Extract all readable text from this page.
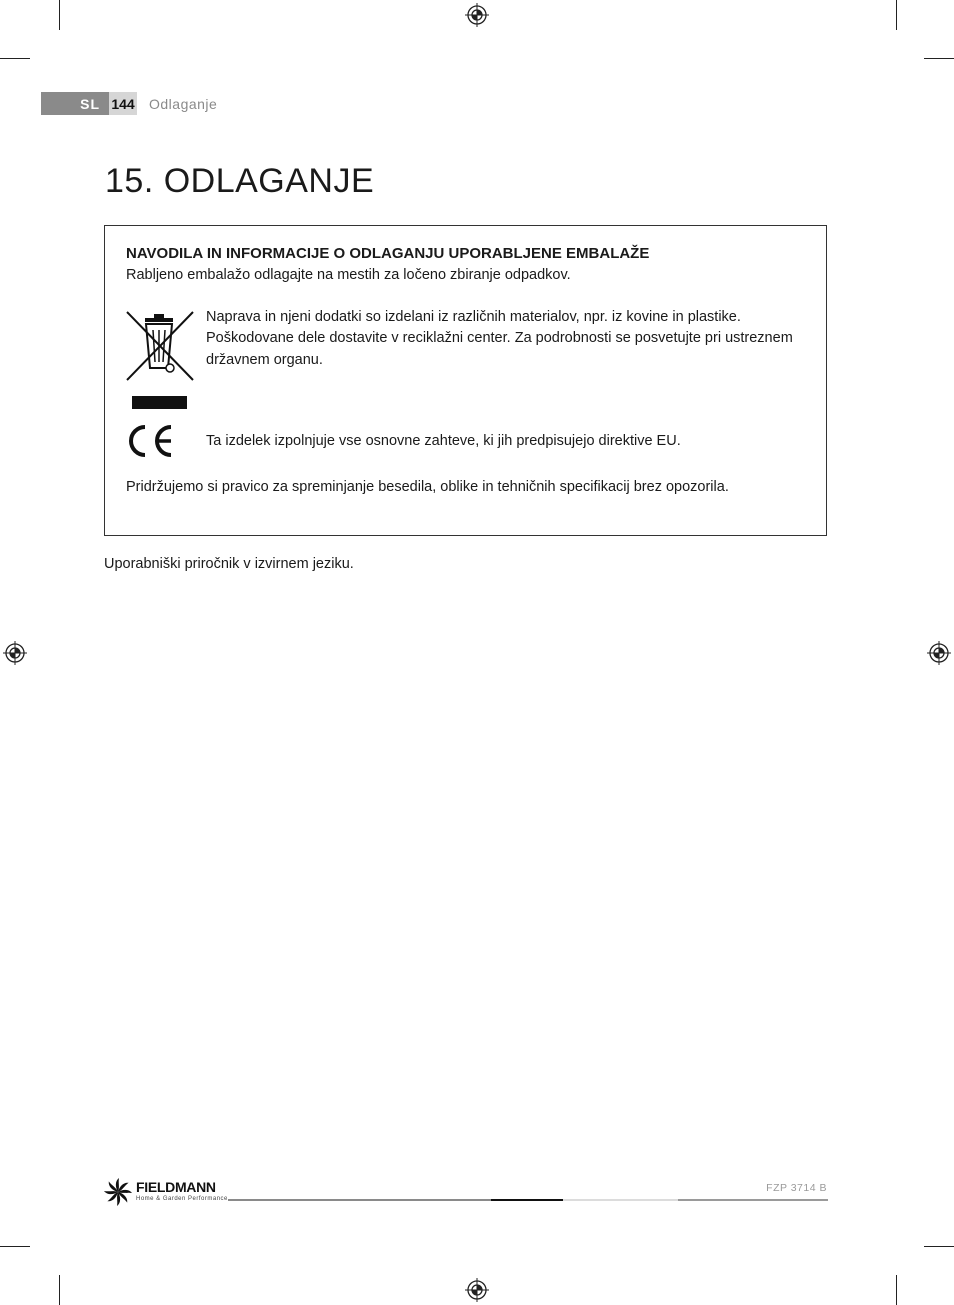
SL 144	Odlaganje
15. ODLAGANJE
NAVODILA IN INFORMACIJE O ODLAGANJU UPORABLJENE EMBALAŽE
Rabljeno embalažo odlagajte na mestih za ločeno zbiranje odpadkov.
Naprava in njeni dodatki so izdelani iz različnih materialov, npr. iz kovine in plastike.
Poškodovane dele dostavite v reciklažni center. Za podrobnosti se posvetujte pri ustreznem
državnem organu.
Ta izdelek izpolnjuje vse osnovne zahteve, ki jih predpisujejo direktive EU.
Pridržujemo si pravico za spreminjanje besedila, oblike in tehničnih specifikacij brez opozorila.
Uporabniški priročnik v izvirnem jeziku.
FIELDMANN
Home & Garden Performance
FZP 3714 B
